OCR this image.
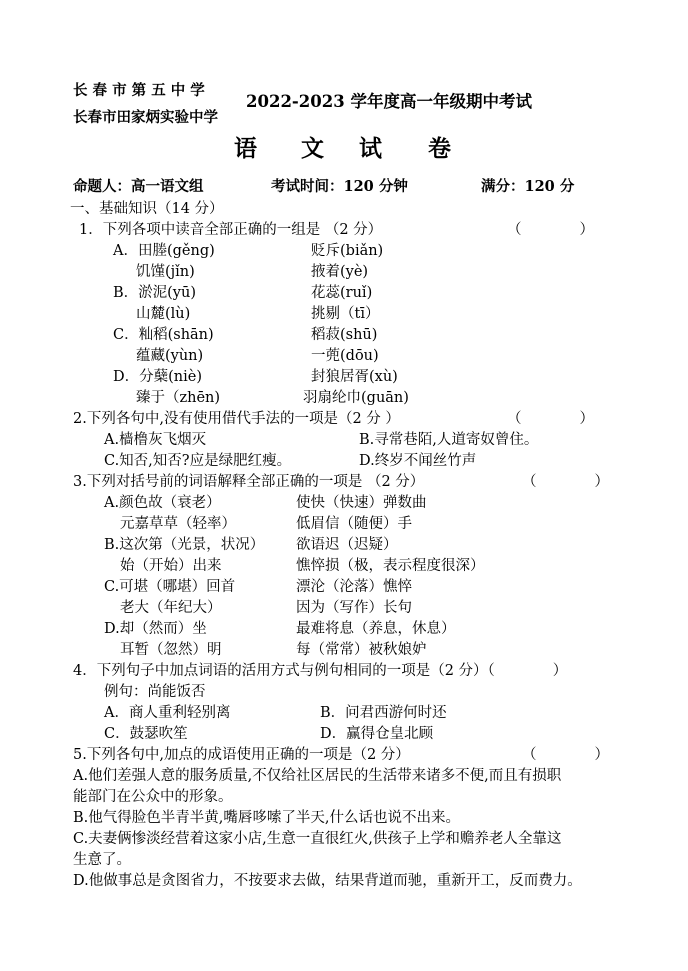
长 春 市 第 五 中 学
长春市田家炳实验中学
2022-2023 学年度高一年级期中考试
语 文 试 卷
命题人：高一语文组	考试时间：120 分钟	满分：120 分
一、基础知识（14 分）
1．下列各项中读音全部正确的一组是 （2 分）	（　　　　）
A．田塍(gěng)	贬斥(biǎn)
饥馑(jǐn)	掖着(yè)
B．淤泥(yū)	花蕊(ruǐ)
山麓(lù)	挑剔（tī）
C．籼稻(shān)	稻菽(shū)
蕴藏(yùn)	一蔸(dōu)
D．分蘖(niè)	封狼居胥(xù)
臻于（zhēn)	羽扇纶巾(guān)
2.下列各句中,没有使用借代手法的一项是（2 分 ）	（　　　　）
A.樯橹灰飞烟灭	B.寻常巷陌,人道寄奴曾住。
C.知否,知否?应是绿肥红瘦。	D.终岁不闻丝竹声
3.下列对括号前的词语解释全部正确的一项是 （2 分）	（　　　　）
A.颜色故（衰老）	使快（快速）弹数曲
元嘉草草（轻率）	低眉信（随便）手
B.这次第（光景，状况） 欲语迟（迟疑）
始（开始）出来	憔悴损（极，表示程度很深）
C.可堪（哪堪）回首	漂沦（沦落）憔悴
老大（年纪大）	因为（写作）长句
D.却（然而）坐	最难将息（养息，休息）
耳暂（忽然）明	每（常常）被秋娘妒
4．下列句子中加点词语的活用方式与例句相同的一项是（2 分）（　　　　）
例句：尚能饭否
A．商人重利轻别离	B．问君西游何时还
C．鼓瑟吹笙	D．赢得仓皇北顾
5.下列各句中,加点的成语使用正确的一项是（2 分）	（　　　　）
A.他们差强人意的服务质量,不仅给社区居民的生活带来诸多不便,而且有损职
能部门在公众中的形象。
B.他气得脸色半青半黄,嘴唇哆嗦了半天,什么话也说不出来。
C.夫妻俩惨淡经营着这家小店,生意一直很红火,供孩子上学和赡养老人全靠这
生意了。
D.他做事总是贪图省力，不按要求去做，结果背道而驰，重新开工，反而费力。
